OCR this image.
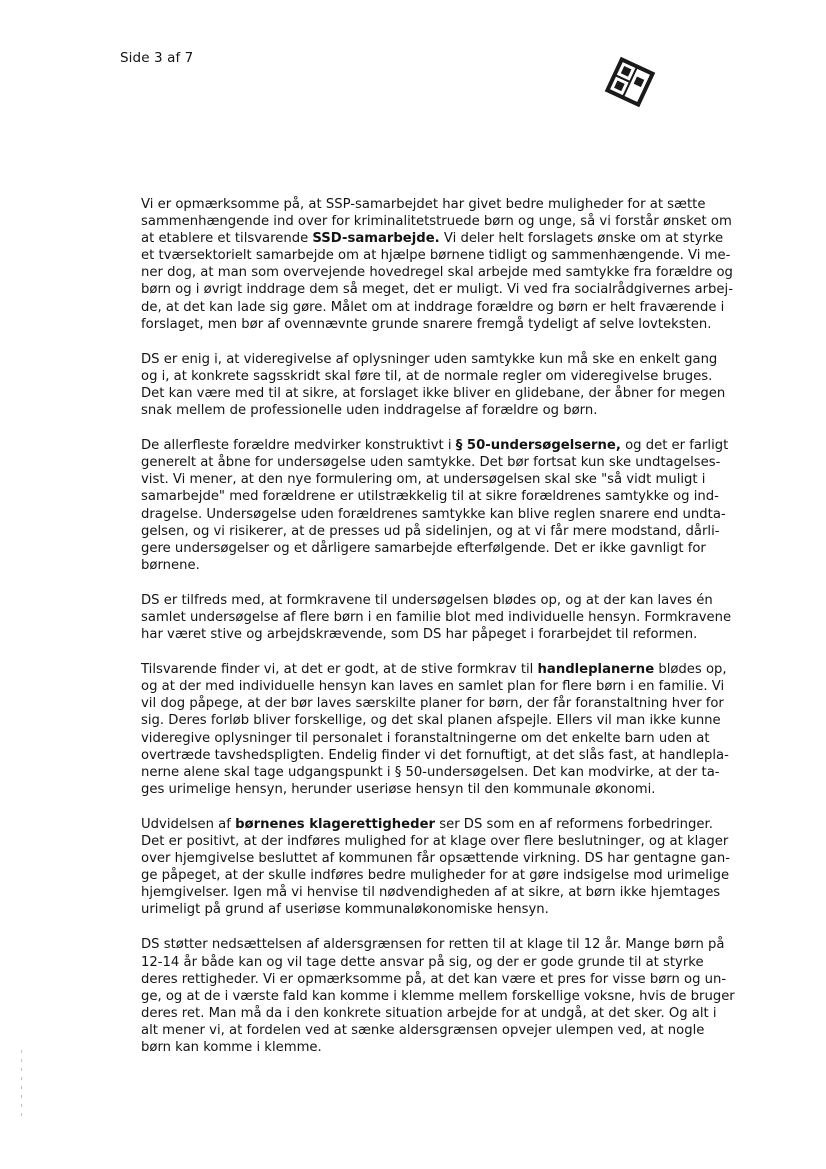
Side 3 af 7

Vi er opmærksomme på, at SSP-samarbejdet har givet bedre muligheder for at sætte
sammenhængende ind over for kriminalitetstruede børn og unge, så vi forstår ønsket om
at etablere et tilsvarende SSD-samarbejde. Vi deler helt forslagets ønske om at styrke
et tværsektorielt samarbejde om at hjælpe børnene tidligt og sammenhængende. Vi me-
ner dog, at man som overvejende hovedregel skal arbejde med samtykke fra forældre og
børn og i øvrigt inddrage dem så meget, det er muligt. Vi ved fra socialrådgivernes arbej-
de, at det kan lade sig gøre. Målet om at inddrage forældre og børn er helt fraværende i
forslaget, men bør af ovennævnte grunde snarere fremgå tydeligt af selve lovteksten.

DS er enig i, at videregivelse af oplysninger uden samtykke kun må ske en enkelt gang
og i, at konkrete sagsskridt skal føre til, at de normale regler om videregivelse bruges.
Det kan være med til at sikre, at forslaget ikke bliver en glidebane, der åbner for megen
snak mellem de professionelle uden inddragelse af forældre og børn.

De allerfleste forældre medvirker konstruktivt i § 50-undersøgelserne, og det er farligt
generelt at åbne for undersøgelse uden samtykke. Det bør fortsat kun ske undtagelses-
vist. Vi mener, at den nye formulering om, at undersøgelsen skal ske "så vidt muligt i
samarbejde" med forældrene er utilstrækkelig til at sikre forældrenes samtykke og ind-
dragelse. Undersøgelse uden forældrenes samtykke kan blive reglen snarere end undta-
gelsen, og vi risikerer, at de presses ud på sidelinjen, og at vi får mere modstand, dårli-
gere undersøgelser og et dårligere samarbejde efterfølgende. Det er ikke gavnligt for
børnene.

DS er tilfreds med, at formkravene til undersøgelsen blødes op, og at der kan laves én
samlet undersøgelse af flere børn i en familie blot med individuelle hensyn. Formkravene
har været stive og arbejdskrævende, som DS har påpeget i forarbejdet til reformen.

Tilsvarende finder vi, at det er godt, at de stive formkrav til handleplanerne blødes op,
og at der med individuelle hensyn kan laves en samlet plan for flere børn i en familie. Vi
vil dog påpege, at der bør laves særskilte planer for børn, der får foranstaltning hver for
sig. Deres forløb bliver forskellige, og det skal planen afspejle. Ellers vil man ikke kunne
videregive oplysninger til personalet i foranstaltningerne om det enkelte barn uden at
overtræde tavshedspligten. Endelig finder vi det fornuftigt, at det slås fast, at handlepla-
nerne alene skal tage udgangspunkt i § 50-undersøgelsen. Det kan modvirke, at der ta-
ges urimelige hensyn, herunder useriøse hensyn til den kommunale økonomi.

Udvidelsen af børnenes klagerettigheder ser DS som en af reformens forbedringer.
Det er positivt, at der indføres mulighed for at klage over flere beslutninger, og at klager
over hjemgivelse besluttet af kommunen får opsættende virkning. DS har gentagne gan-
ge påpeget, at der skulle indføres bedre muligheder for at gøre indsigelse mod urimelige
hjemgivelser. Igen må vi henvise til nødvendigheden af at sikre, at børn ikke hjemtages
urimeligt på grund af useriøse kommunaløkonomiske hensyn.

DS støtter nedsættelsen af aldersgrænsen for retten til at klage til 12 år. Mange børn på
12-14 år både kan og vil tage dette ansvar på sig, og der er gode grunde til at styrke
deres rettigheder. Vi er opmærksomme på, at det kan være et pres for visse børn og un-
ge, og at de i værste fald kan komme i klemme mellem forskellige voksne, hvis de bruger
deres ret. Man må da i den konkrete situation arbejde for at undgå, at det sker. Og alt i
alt mener vi, at fordelen ved at sænke aldersgrænsen opvejer ulempen ved, at nogle
børn kan komme i klemme.
